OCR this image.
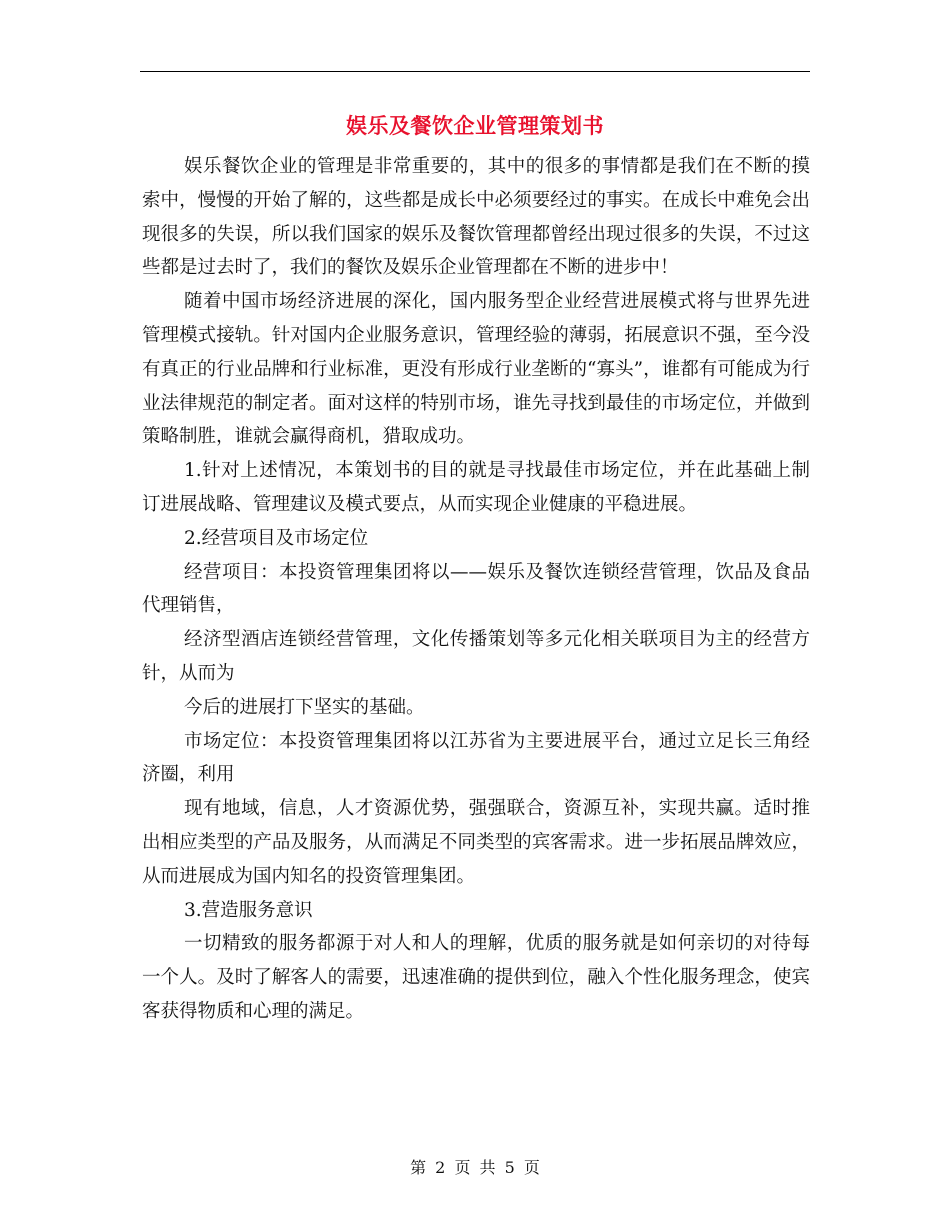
娱乐及餐饮企业管理策划书

娱乐餐饮企业的管理是非常重要的，其中的很多的事情都是我们在不断的摸索中，慢慢的开始了解的，这些都是成长中必须要经过的事实。在成长中难免会出现很多的失误，所以我们国家的娱乐及餐饮管理都曾经出现过很多的失误，不过这些都是过去时了，我们的餐饮及娱乐企业管理都在不断的进步中！

随着中国市场经济进展的深化，国内服务型企业经营进展模式将与世界先进管理模式接轨。针对国内企业服务意识，管理经验的薄弱，拓展意识不强，至今没有真正的行业品牌和行业标准，更没有形成行业垄断的“寡头”，谁都有可能成为行业法律规范的制定者。面对这样的特别市场，谁先寻找到最佳的市场定位，并做到策略制胜，谁就会赢得商机，猎取成功。

1.针对上述情况，本策划书的目的就是寻找最佳市场定位，并在此基础上制订进展战略、管理建议及模式要点，从而实现企业健康的平稳进展。

2.经营项目及市场定位

经营项目：本投资管理集团将以——娱乐及餐饮连锁经营管理，饮品及食品代理销售，

经济型酒店连锁经营管理，文化传播策划等多元化相关联项目为主的经营方针，从而为

今后的进展打下坚实的基础。

市场定位：本投资管理集团将以江苏省为主要进展平台，通过立足长三角经济圈，利用

现有地域，信息，人才资源优势，强强联合，资源互补，实现共赢。适时推出相应类型的产品及服务，从而满足不同类型的宾客需求。进一步拓展品牌效应，从而进展成为国内知名的投资管理集团。

3.营造服务意识

一切精致的服务都源于对人和人的理解，优质的服务就是如何亲切的对待每一个人。及时了解客人的需要，迅速准确的提供到位，融入个性化服务理念，使宾客获得物质和心理的满足。

第 2 页 共 5 页
